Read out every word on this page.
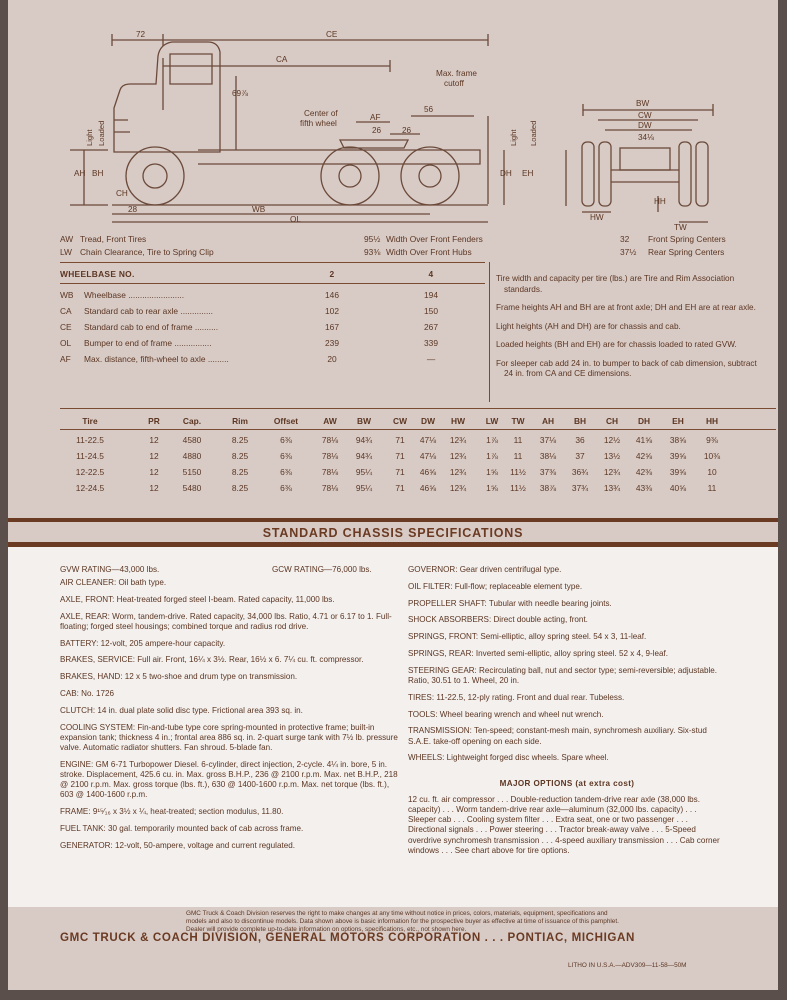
72	CE
CA
69⅞
Max. frame
cutoff
56
Center of
fifth wheel
AF
26	26
AH BH
CH
28	WB
OL
DH EH
BW
CW
DW
34⅛
HH
HW
TW
Light Loaded	Light Loaded
AW Tread, Front Tires	95½ Width Over Front Fenders	32 Front Spring Centers
LW Chain Clearance, Tire to Spring Clip	93⅜ Width Over Front Hubs	37½ Rear Spring Centers
WHEELBASE NO.	2	4
WB	Wheelbase ........................	146	194
CA	Standard cab to rear axle ..............	102	150
CE	Standard cab to end of frame ..........	167	267
OL	Bumper to end of frame ................	239	339
AF	Max. distance, fifth-wheel to axle .........	20	—

Tire width and capacity per tire (lbs.) are Tire and Rim Association standards.

Frame heights AH and BH are at front axle; DH and EH are at rear axle.

Light heights (AH and DH) are for chassis and cab.

Loaded heights (BH and EH) are for chassis loaded to rated GVW.

For sleeper cab add 24 in. to bumper to back of cab dimension, subtract 24 in. from CA and CE dimensions.

Tire	PR	Cap.	Rim	Offset	AW	BW	CW	DW	HW	LW	TW	AH	BH	CH	DH	EH	HH
11-22.5	12	4580	8.25	6⅜	78⅛	94¾	71	47⅛	12¾	1⅞	11	37⅛	36	12½	41⅝	38⅝	9⅜
11-24.5	12	4880	8.25	6⅜	78⅛	94¾	71	47⅛	12¾	1⅞	11	38⅛	37	13½	42⅝	39⅝	10⅜
12-22.5	12	5150	8.25	6⅜	78⅛	95¼	71	46⅝	12¾	1⅝	11½	37⅜	36¾	12¾	42⅜	39⅝	10
12-24.5	12	5480	8.25	6⅜	78⅛	95¼	71	46⅝	12¾	1⅝	11½	38⅞	37¾	13¾	43⅜	40⅝	11
STANDARD CHASSIS SPECIFICATIONS
GVW RATING—43,000 lbs.	GCW RATING—76,000 lbs.

AIR CLEANER: Oil bath type.

AXLE, FRONT: Heat-treated forged steel I-beam. Rated capacity, 11,000 lbs.

AXLE, REAR: Worm, tandem-drive. Rated capacity, 34,000 lbs. Ratio, 4.71 or 6.17 to 1. Full-floating; forged steel housings; combined torque and radius rod drive.

BATTERY: 12-volt, 205 ampere-hour capacity.

BRAKES, SERVICE: Full air. Front, 16¼ x 3½. Rear, 16½ x 6. 7¼ cu. ft. compressor.

BRAKES, HAND: 12 x 5 two-shoe and drum type on transmission.

CAB: No. 1726

CLUTCH: 14 in. dual plate solid disc type. Frictional area 393 sq. in.

COOLING SYSTEM: Fin-and-tube type core spring-mounted in protective frame; built-in expansion tank; thickness 4 in.; frontal area 886 sq. in. 2-quart surge tank with 7½ lb. pressure valve. Automatic radiator shutters. Fan shroud. 5-blade fan.

ENGINE: GM 6-71 Turbopower Diesel. 6-cylinder, direct injection, 2-cycle. 4¼ in. bore, 5 in. stroke. Displacement, 425.6 cu. in. Max. gross B.H.P., 236 @ 2100 r.p.m. Max. net B.H.P., 218 @ 2100 r.p.m. Max. gross torque (lbs. ft.), 630 @ 1400-1600 r.p.m. Max. net torque (lbs. ft.), 603 @ 1400-1600 r.p.m.

FRAME: 9¹⁵⁄₁₆ x 3½ x ¼, heat-treated; section modulus, 11.80.

FUEL TANK: 30 gal. temporarily mounted back of cab across frame.

GENERATOR: 12-volt, 50-ampere, voltage and current regulated.

GOVERNOR: Gear driven centrifugal type.

OIL FILTER: Full-flow; replaceable element type.

PROPELLER SHAFT: Tubular with needle bearing joints.

SHOCK ABSORBERS: Direct double acting, front.

SPRINGS, FRONT: Semi-elliptic, alloy spring steel. 54 x 3, 11-leaf.

SPRINGS, REAR: Inverted semi-elliptic, alloy spring steel. 52 x 4, 9-leaf.

STEERING GEAR: Recirculating ball, nut and sector type; semi-reversible; adjustable. Ratio, 30.51 to 1. Wheel, 20 in.

TIRES: 11-22.5, 12-ply rating. Front and dual rear. Tubeless.

TOOLS: Wheel bearing wrench and wheel nut wrench.

TRANSMISSION: Ten-speed; constant-mesh main, synchromesh auxiliary. Six-stud S.A.E. take-off opening on each side.

WHEELS: Lightweight forged disc wheels. Spare wheel.

MAJOR OPTIONS (at extra cost)

12 cu. ft. air compressor . . . Double-reduction tandem-drive rear axle (38,000 lbs. capacity) . . . Worm tandem-drive rear axle—aluminum (32,000 lbs. capacity) . . . Sleeper cab . . . Cooling system filter . . . Extra seat, one or two passenger . . . Directional signals . . . Power steering . . . Tractor break-away valve . . . 5-Speed overdrive synchromesh transmission . . . 4-speed auxiliary transmission . . . Cab corner windows . . . See chart above for tire options.

GMC Truck & Coach Division reserves the right to make changes at any time without notice in prices, colors, materials, equipment, specifications and models and also to discontinue models. Data shown above is basic information for the prospective buyer as effective at time of issuance of this pamphlet. Dealer will provide complete up-to-date information on options, specifications, etc., not shown here.
GMC TRUCK & COACH DIVISION, GENERAL MOTORS CORPORATION . . . PONTIAC, MICHIGAN
LITHO IN U.S.A.—ADV309—11-58—50M
